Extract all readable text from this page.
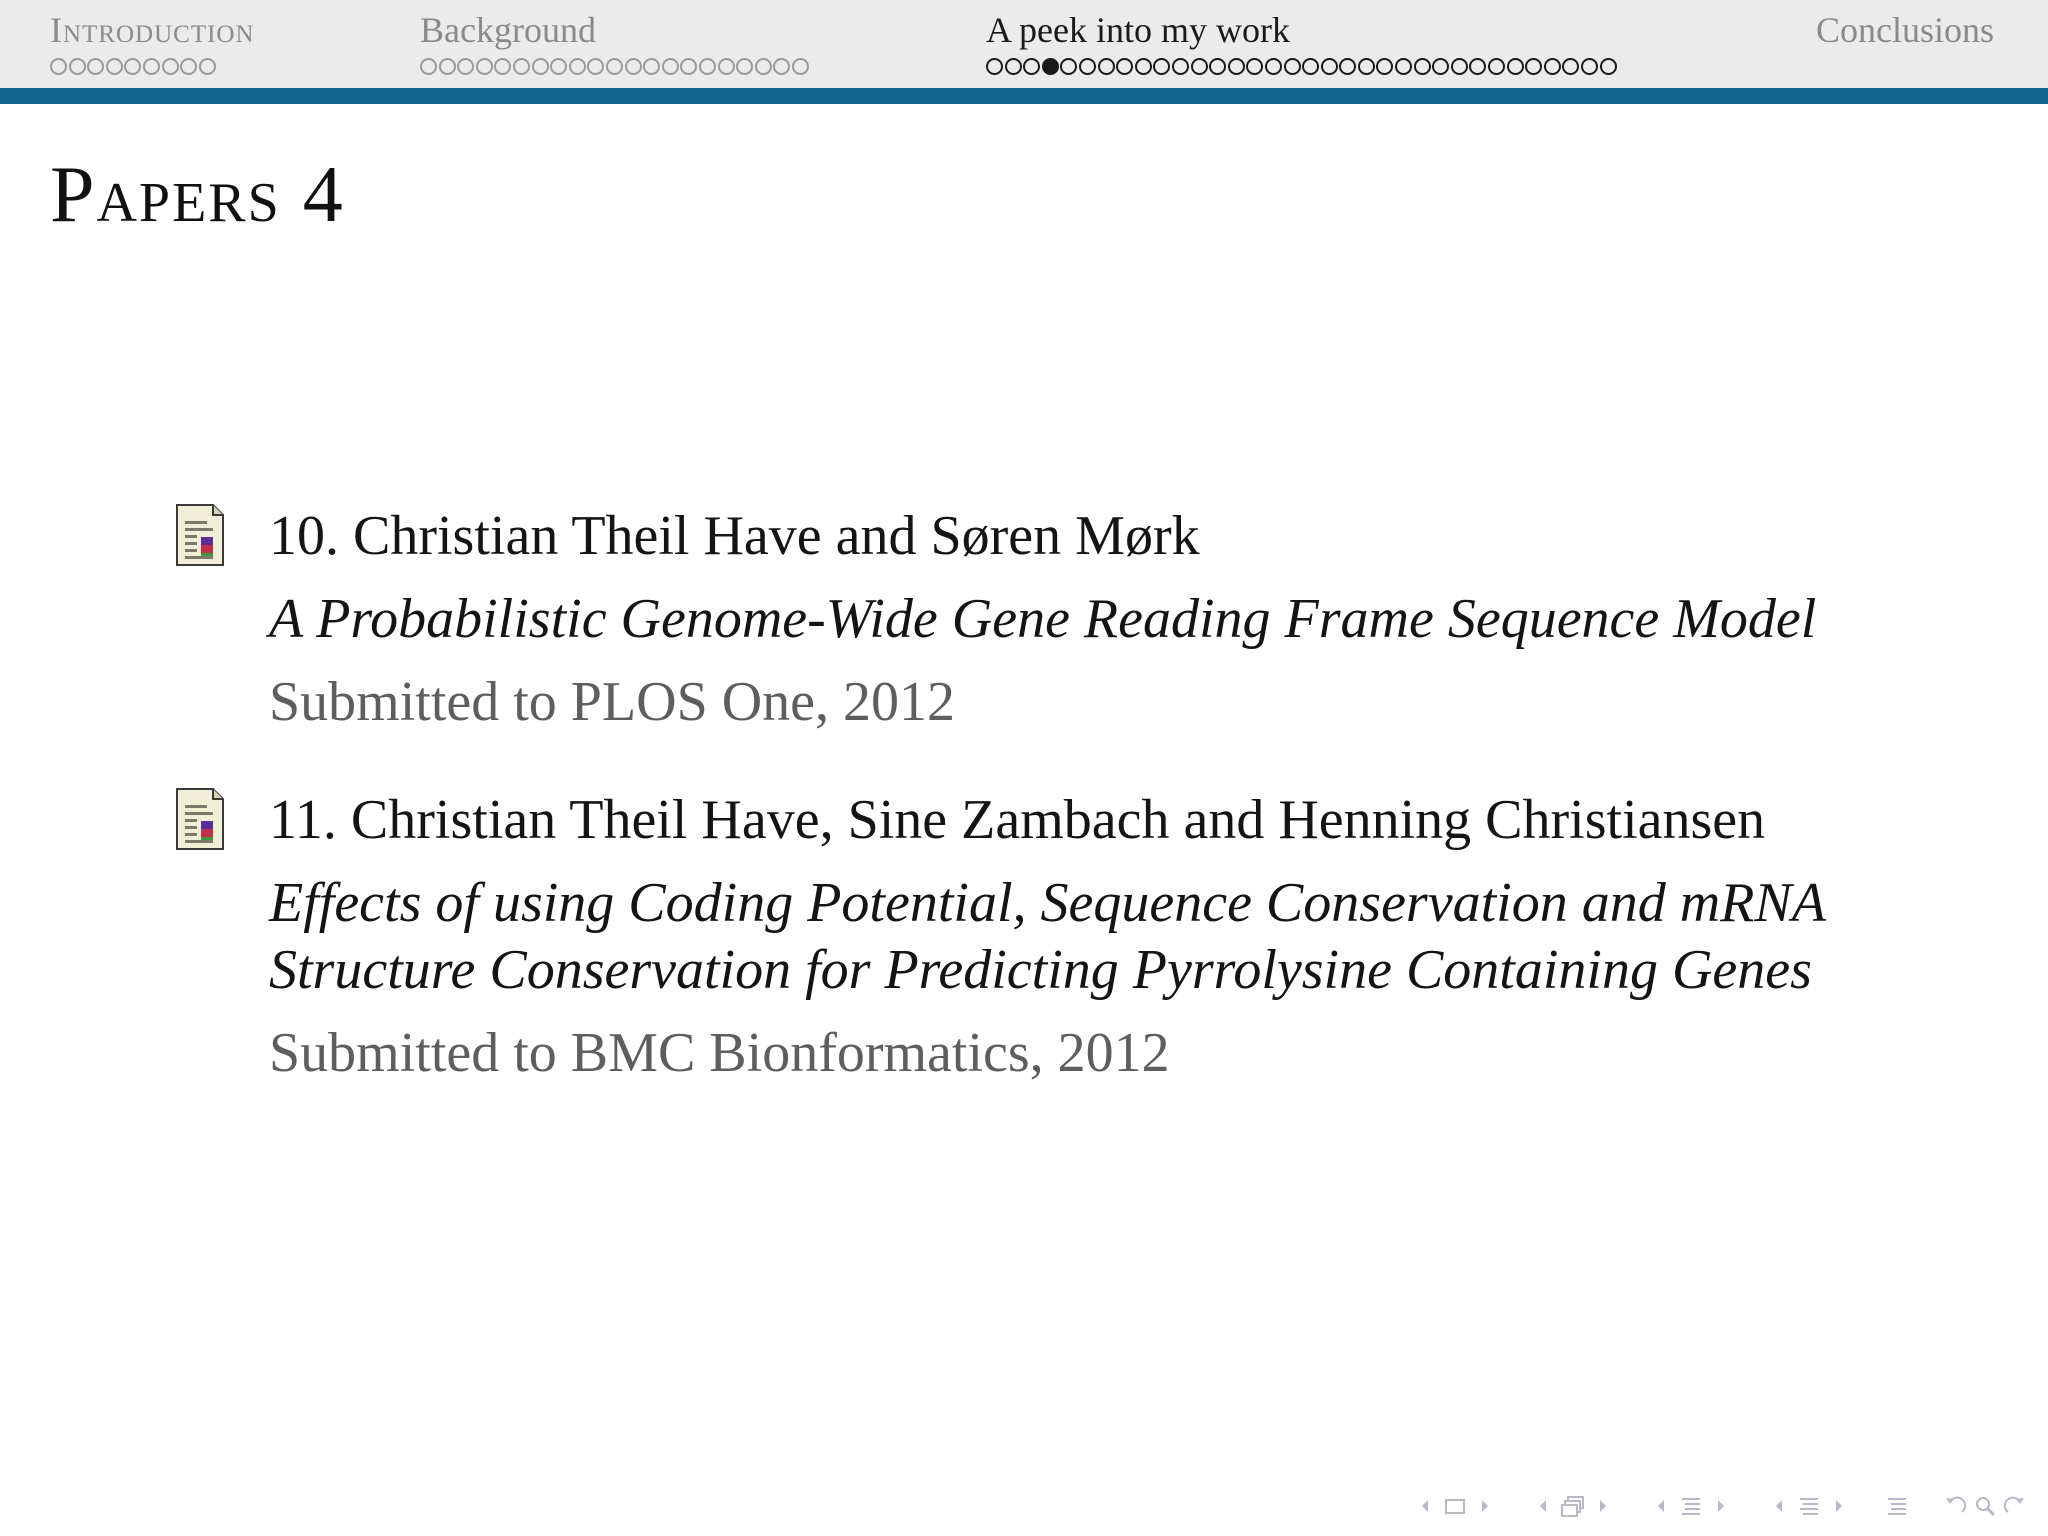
Introduction	Background	A peek into my work	Conclusions
Papers 4
10. Christian Theil Have and Søren Mørk
A Probabilistic Genome-Wide Gene Reading Frame Sequence Model
Submitted to PLOS One, 2012
11. Christian Theil Have, Sine Zambach and Henning Christiansen
Effects of using Coding Potential, Sequence Conservation and mRNA Structure Conservation for Predicting Pyrrolysine Containing Genes
Submitted to BMC Bionformatics, 2012
